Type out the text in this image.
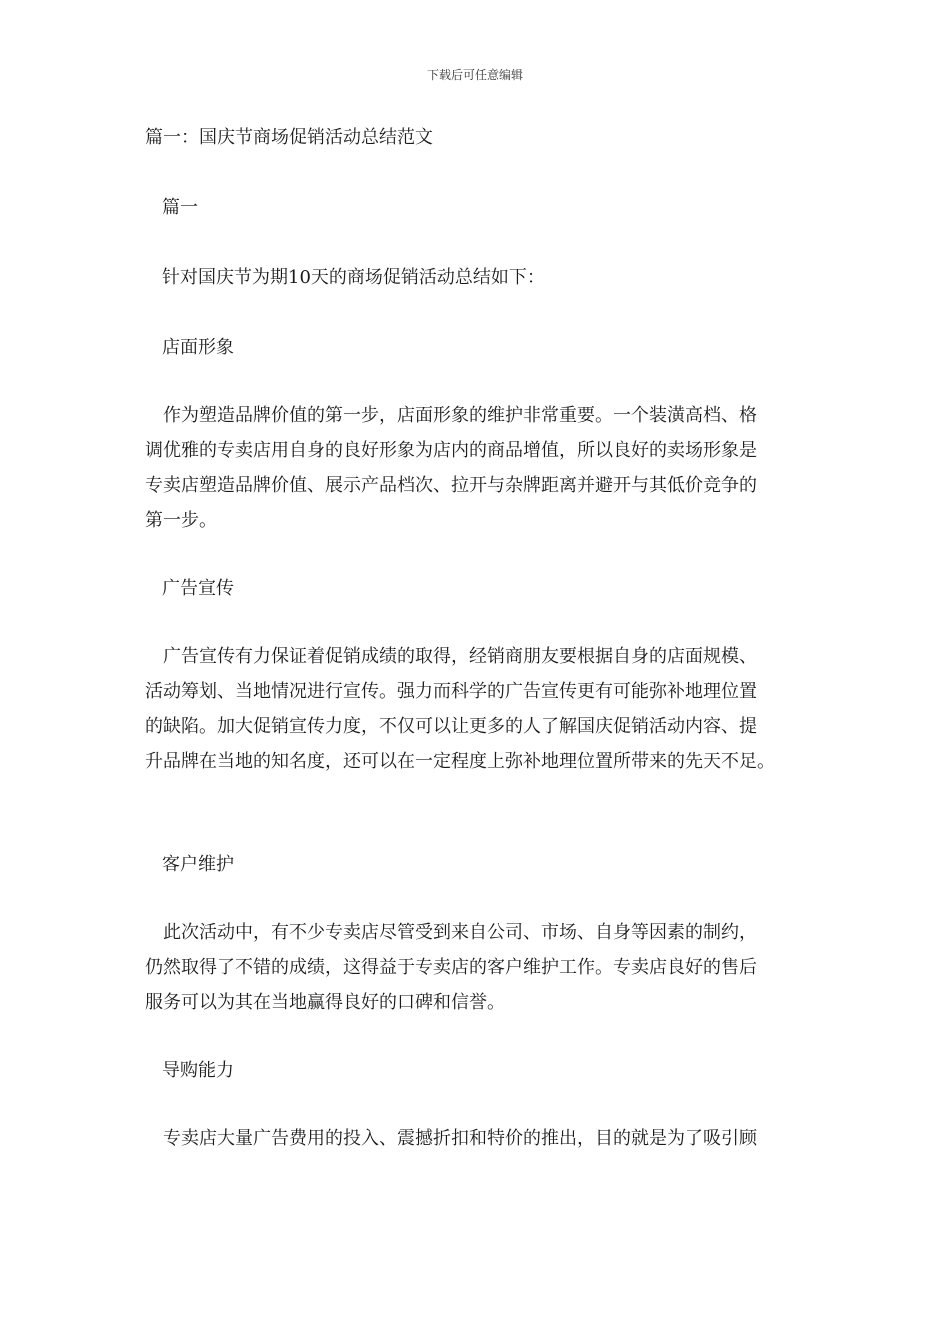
下载后可任意编辑
篇一：国庆节商场促销活动总结范文

篇一

针对国庆节为期10天的商场促销活动总结如下：

店面形象

作为塑造品牌价值的第一步，店面形象的维护非常重要。一个装潢高档、格
调优雅的专卖店用自身的良好形象为店内的商品增值，所以良好的卖场形象是
专卖店塑造品牌价值、展示产品档次、拉开与杂牌距离并避开与其低价竞争的
第一步。

广告宣传

广告宣传有力保证着促销成绩的取得，经销商朋友要根据自身的店面规模、
活动筹划、当地情况进行宣传。强力而科学的广告宣传更有可能弥补地理位置
的缺陷。加大促销宣传力度，不仅可以让更多的人了解国庆促销活动内容、提
升品牌在当地的知名度，还可以在一定程度上弥补地理位置所带来的先天不足。

客户维护

此次活动中，有不少专卖店尽管受到来自公司、市场、自身等因素的制约，
仍然取得了不错的成绩，这得益于专卖店的客户维护工作。专卖店良好的售后
服务可以为其在当地赢得良好的口碑和信誉。

导购能力

专卖店大量广告费用的投入、震撼折扣和特价的推出，目的就是为了吸引顾
